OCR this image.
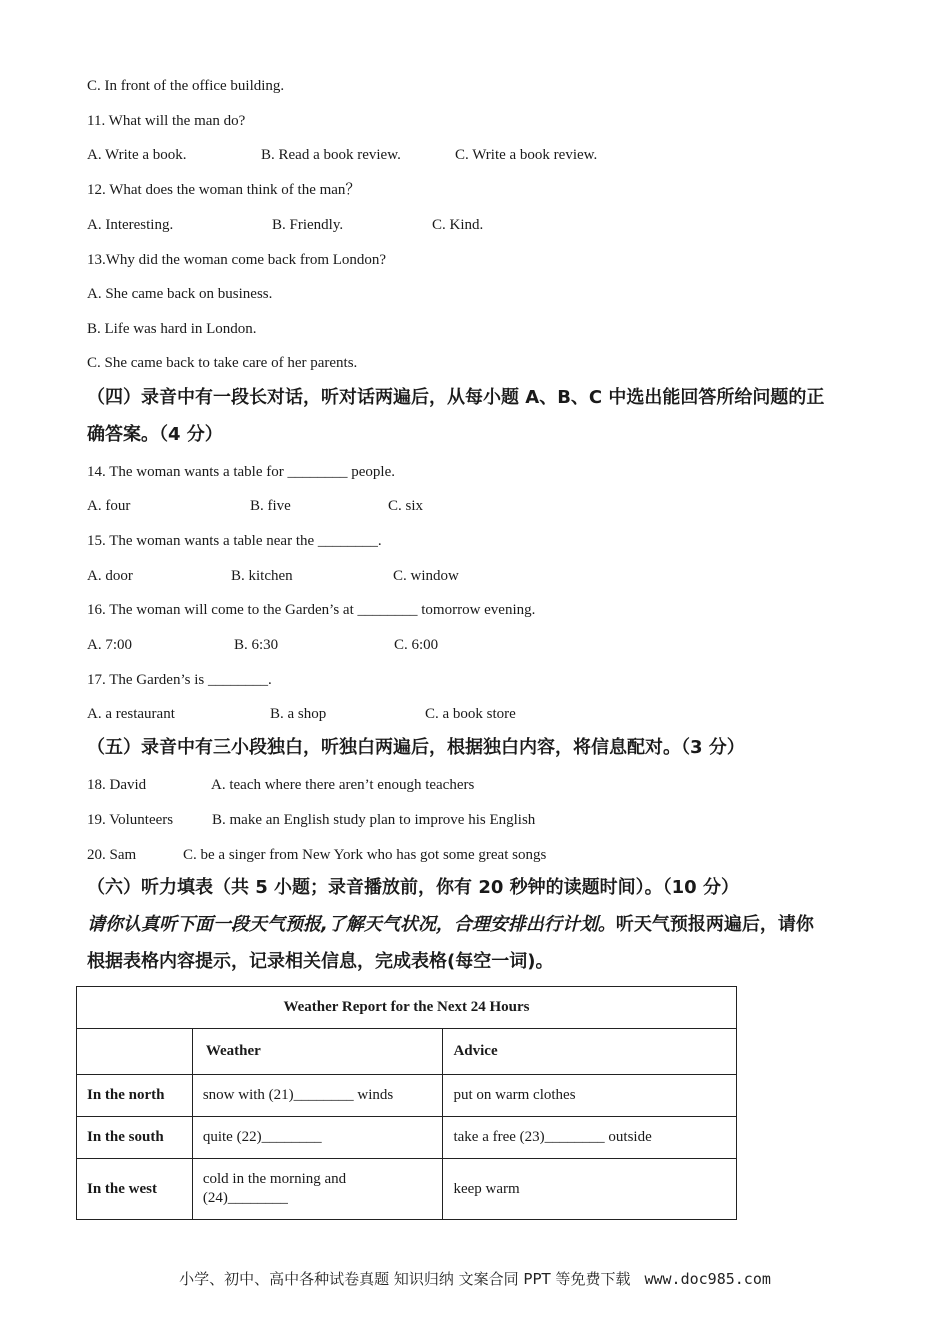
C. In front of the office building.
11. What will the man do?
A. Write a book.	B. Read a book review.	C. Write a book review.
12. What does the woman think of the man？
A. Interesting.	B. Friendly.	C. Kind.
13.Why did the woman come back from London?
A. She came back on business.
B. Life was hard in London.
C. She came back to take care of her parents.
（四）录音中有一段长对话，听对话两遍后，从每小题 A、B、C 中选出能回答所给问题的正
确答案。（4 分）
14. The woman wants a table for ________ people.
A. four	B. five	C. six
15. The woman wants a table near the ________.
A. door	B. kitchen	C. window
16. The woman will come to the Garden’s at ________ tomorrow evening.
A. 7:00	B. 6:30	C. 6:00
17. The Garden’s is ________.
A. a restaurant	B. a shop	C. a book store
（五）录音中有三小段独白，听独白两遍后，根据独白内容，将信息配对。（3 分）
18. David	A. teach where there aren’t enough teachers
19. Volunteers	B. make an English study plan to improve his English
20. Sam	C. be a singer from New York who has got some great songs
（六）听力填表（共 5 小题；录音播放前，你有 20 秒钟的读题时间）。（10 分）
请你认真听下面一段天气预报,了解天气状况，合理安排出行计划。听天气预报两遍后，请你
根据表格内容提示，记录相关信息，完成表格(每空一词)。
Weather Report for the Next 24 Hours		
	Weather	Advice
In the north	snow with (21)________ winds	put on warm clothes
In the south	quite (22)________	take a free (23)________ outside
In the west	cold in the morning and (24)________	keep warm
小学、初中、高中各种试卷真题 知识归纳 文案合同 PPT 等免费下载 www.doc985.com
